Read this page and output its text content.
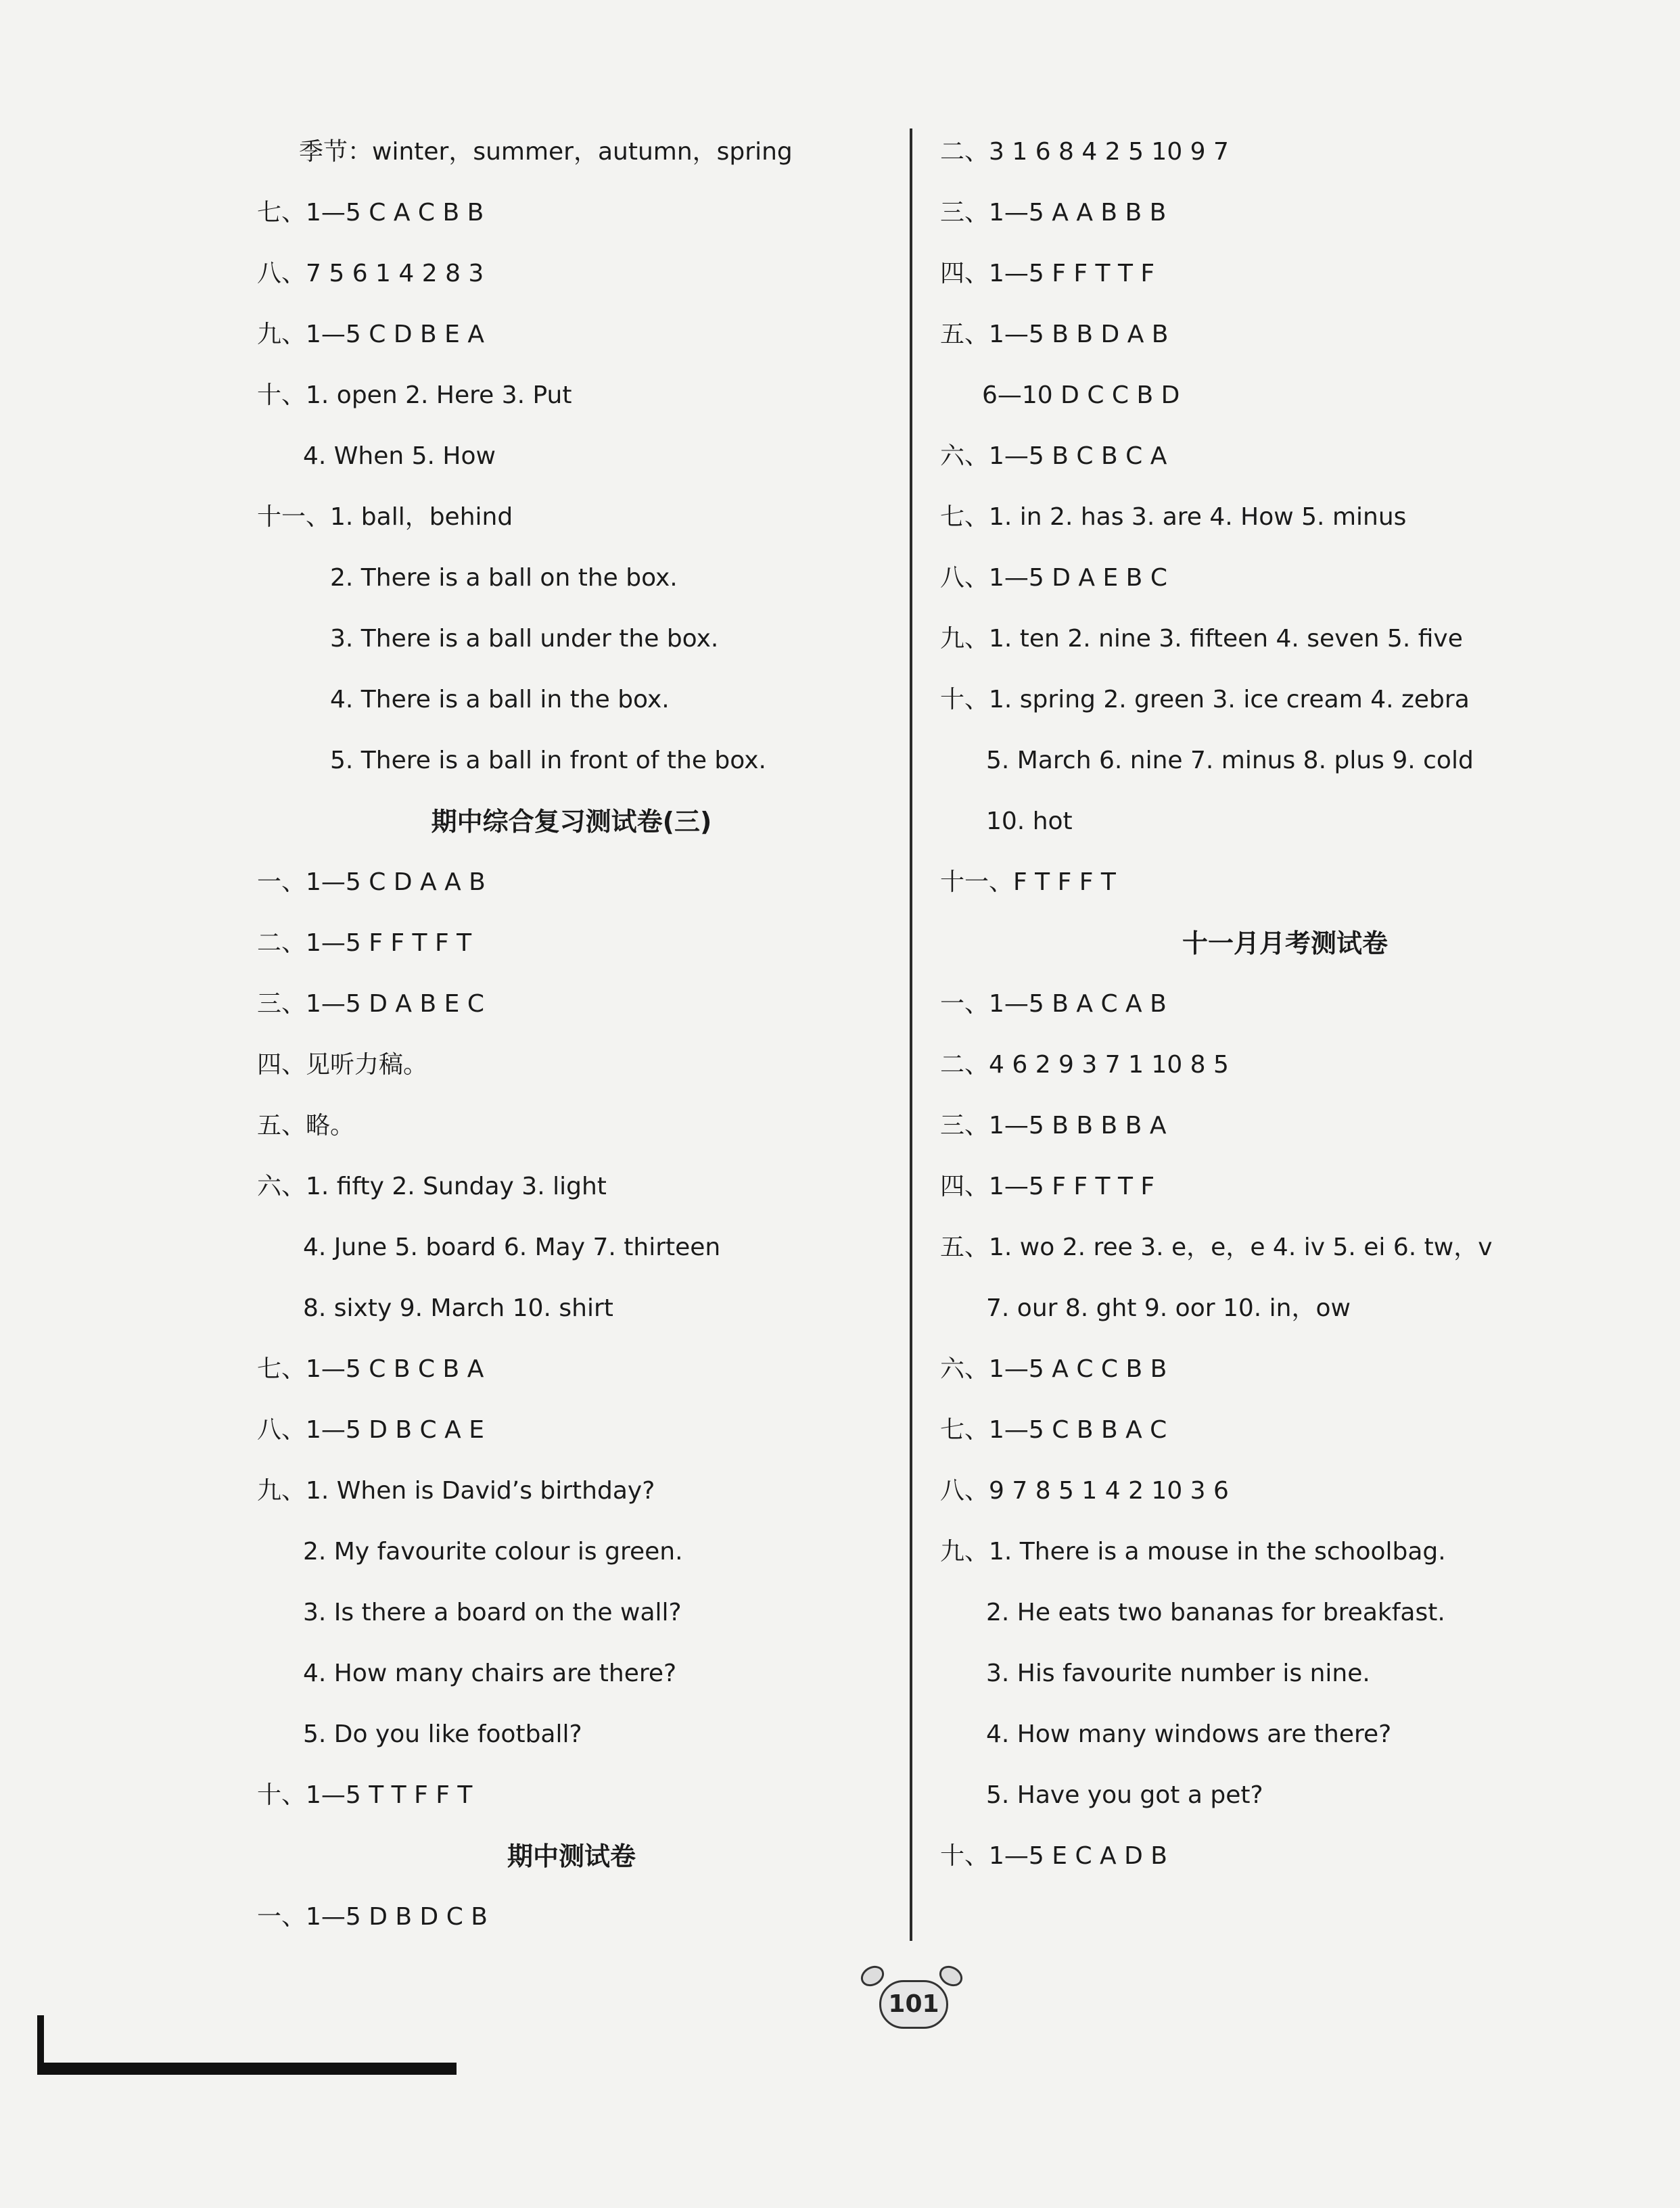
季节：winter，summer，autumn，spring
七、1—5 C A C B B
八、7 5 6 1 4 2 8 3
九、1—5 C D B E A
十、1. open 2. Here 3. Put
4. When 5. How
十一、1. ball，behind
2. There is a ball on the box.
3. There is a ball under the box.
4. There is a ball in the box.
5. There is a ball in front of the box.
期中综合复习测试卷(三)
一、1—5 C D A A B
二、1—5 F F T F T
三、1—5 D A B E C
四、见听力稿。
五、略。
六、1. fifty 2. Sunday 3. light
4. June 5. board 6. May 7. thirteen
8. sixty 9. March 10. shirt
七、1—5 C B C B A
八、1—5 D B C A E
九、1. When is David’s birthday?
2. My favourite colour is green.
3. Is there a board on the wall?
4. How many chairs are there?
5. Do you like football?
十、1—5 T T F F T
期中测试卷
一、1—5 D B D C B
二、3 1 6 8 4 2 5 10 9 7
三、1—5 A A B B B
四、1—5 F F T T F
五、1—5 B B D A B
6—10 D C C B D
六、1—5 B C B C A
七、1. in 2. has 3. are 4. How 5. minus
八、1—5 D A E B C
九、1. ten 2. nine 3. fifteen 4. seven 5. five
十、1. spring 2. green 3. ice cream 4. zebra
5. March 6. nine 7. minus 8. plus 9. cold
10. hot
十一、F T F F T
十一月月考测试卷
一、1—5 B A C A B
二、4 6 2 9 3 7 1 10 8 5
三、1—5 B B B B A
四、1—5 F F T T F
五、1. wo 2. ree 3. e，e，e 4. iv 5. ei 6. tw，v
7. our 8. ght 9. oor 10. in，ow
六、1—5 A C C B B
七、1—5 C B B A C
八、9 7 8 5 1 4 2 10 3 6
九、1. There is a mouse in the schoolbag.
2. He eats two bananas for breakfast.
3. His favourite number is nine.
4. How many windows are there?
5. Have you got a pet?
十、1—5 E C A D B
101
